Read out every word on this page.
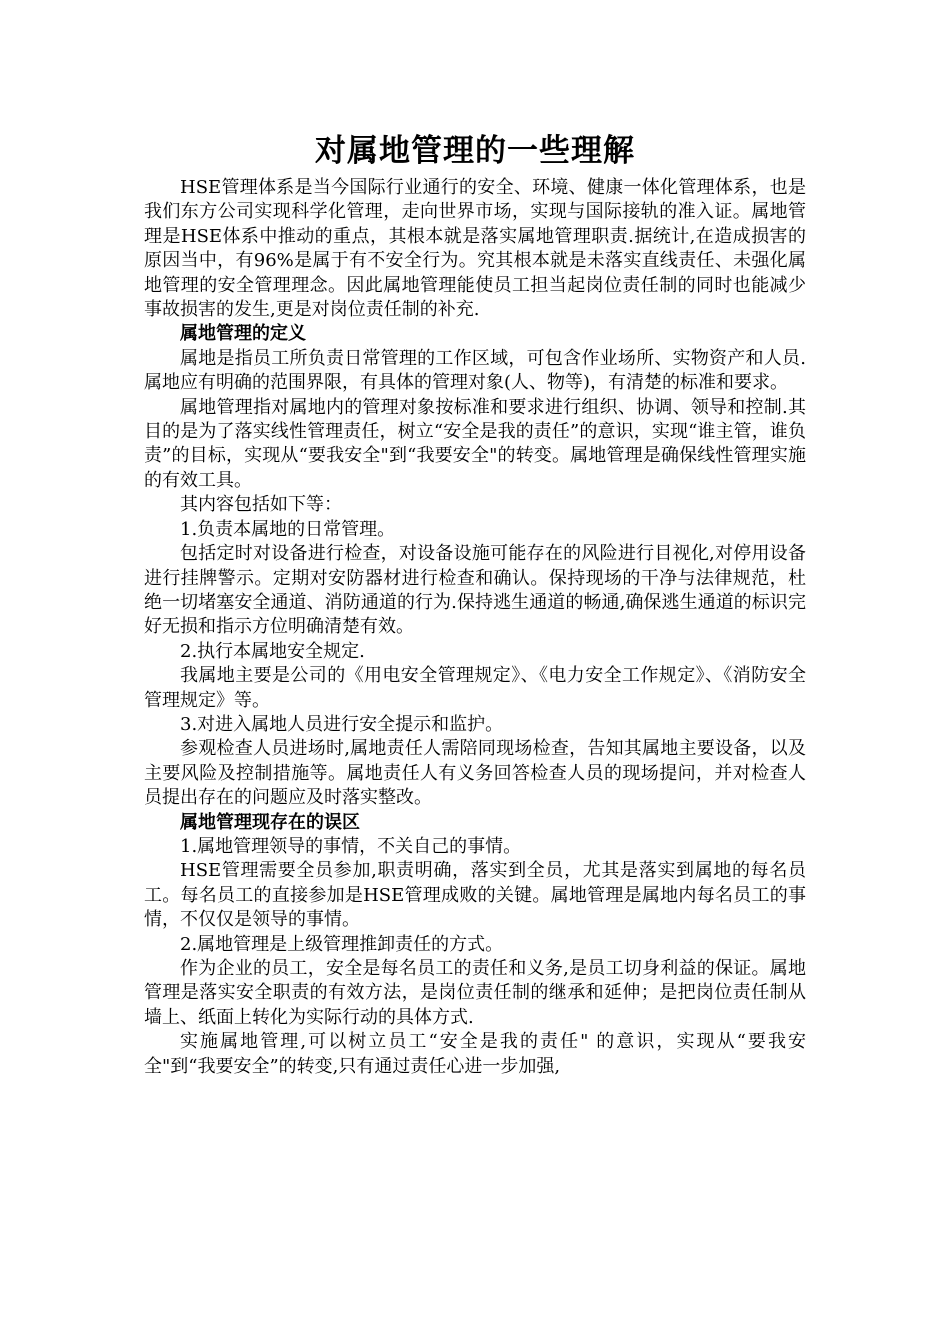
对属地管理的一些理解

HSE管理体系是当今国际行业通行的安全、环境、健康一体化管理体系，也是我们东方公司实现科学化管理，走向世界市场，实现与国际接轨的准入证。属地管理是HSE体系中推动的重点，其根本就是落实属地管理职责.据统计,在造成损害的原因当中，有96%是属于有不安全行为。究其根本就是未落实直线责任、未强化属地管理的安全管理理念。因此属地管理能使员工担当起岗位责任制的同时也能减少事故损害的发生,更是对岗位责任制的补充.

属地管理的定义

属地是指员工所负责日常管理的工作区域，可包含作业场所、实物资产和人员.属地应有明确的范围界限，有具体的管理对象(人、物等)，有清楚的标准和要求。

属地管理指对属地内的管理对象按标准和要求进行组织、协调、领导和控制.其目的是为了落实线性管理责任，树立“安全是我的责任”的意识，实现“谁主管，谁负责”的目标，实现从“要我安全"到“我要安全"的转变。属地管理是确保线性管理实施的有效工具。

其内容包括如下等：

1.负责本属地的日常管理。

包括定时对设备进行检查，对设备设施可能存在的风险进行目视化,对停用设备进行挂牌警示。定期对安防器材进行检查和确认。保持现场的干净与法律规范，杜绝一切堵塞安全通道、消防通道的行为.保持逃生通道的畅通,确保逃生通道的标识完好无损和指示方位明确清楚有效。

2.执行本属地安全规定.

我属地主要是公司的《用电安全管理规定》、《电力安全工作规定》、《消防安全管理规定》等。

3.对进入属地人员进行安全提示和监护。

参观检查人员进场时,属地责任人需陪同现场检查，告知其属地主要设备，以及主要风险及控制措施等。属地责任人有义务回答检查人员的现场提问，并对检查人员提出存在的问题应及时落实整改。

属地管理现存在的误区

1.属地管理领导的事情，不关自己的事情。

HSE管理需要全员参加,职责明确，落实到全员，尤其是落实到属地的每名员工。每名员工的直接参加是HSE管理成败的关键。属地管理是属地内每名员工的事情，不仅仅是领导的事情。

2.属地管理是上级管理推卸责任的方式。

作为企业的员工，安全是每名员工的责任和义务,是员工切身利益的保证。属地管理是落实安全职责的有效方法，是岗位责任制的继承和延伸；是把岗位责任制从墙上、纸面上转化为实际行动的具体方式.

实施属地管理,可以树立员工“安全是我的责任" 的意识，实现从“要我安全"到“我要安全”的转变,只有通过责任心进一步加强,
